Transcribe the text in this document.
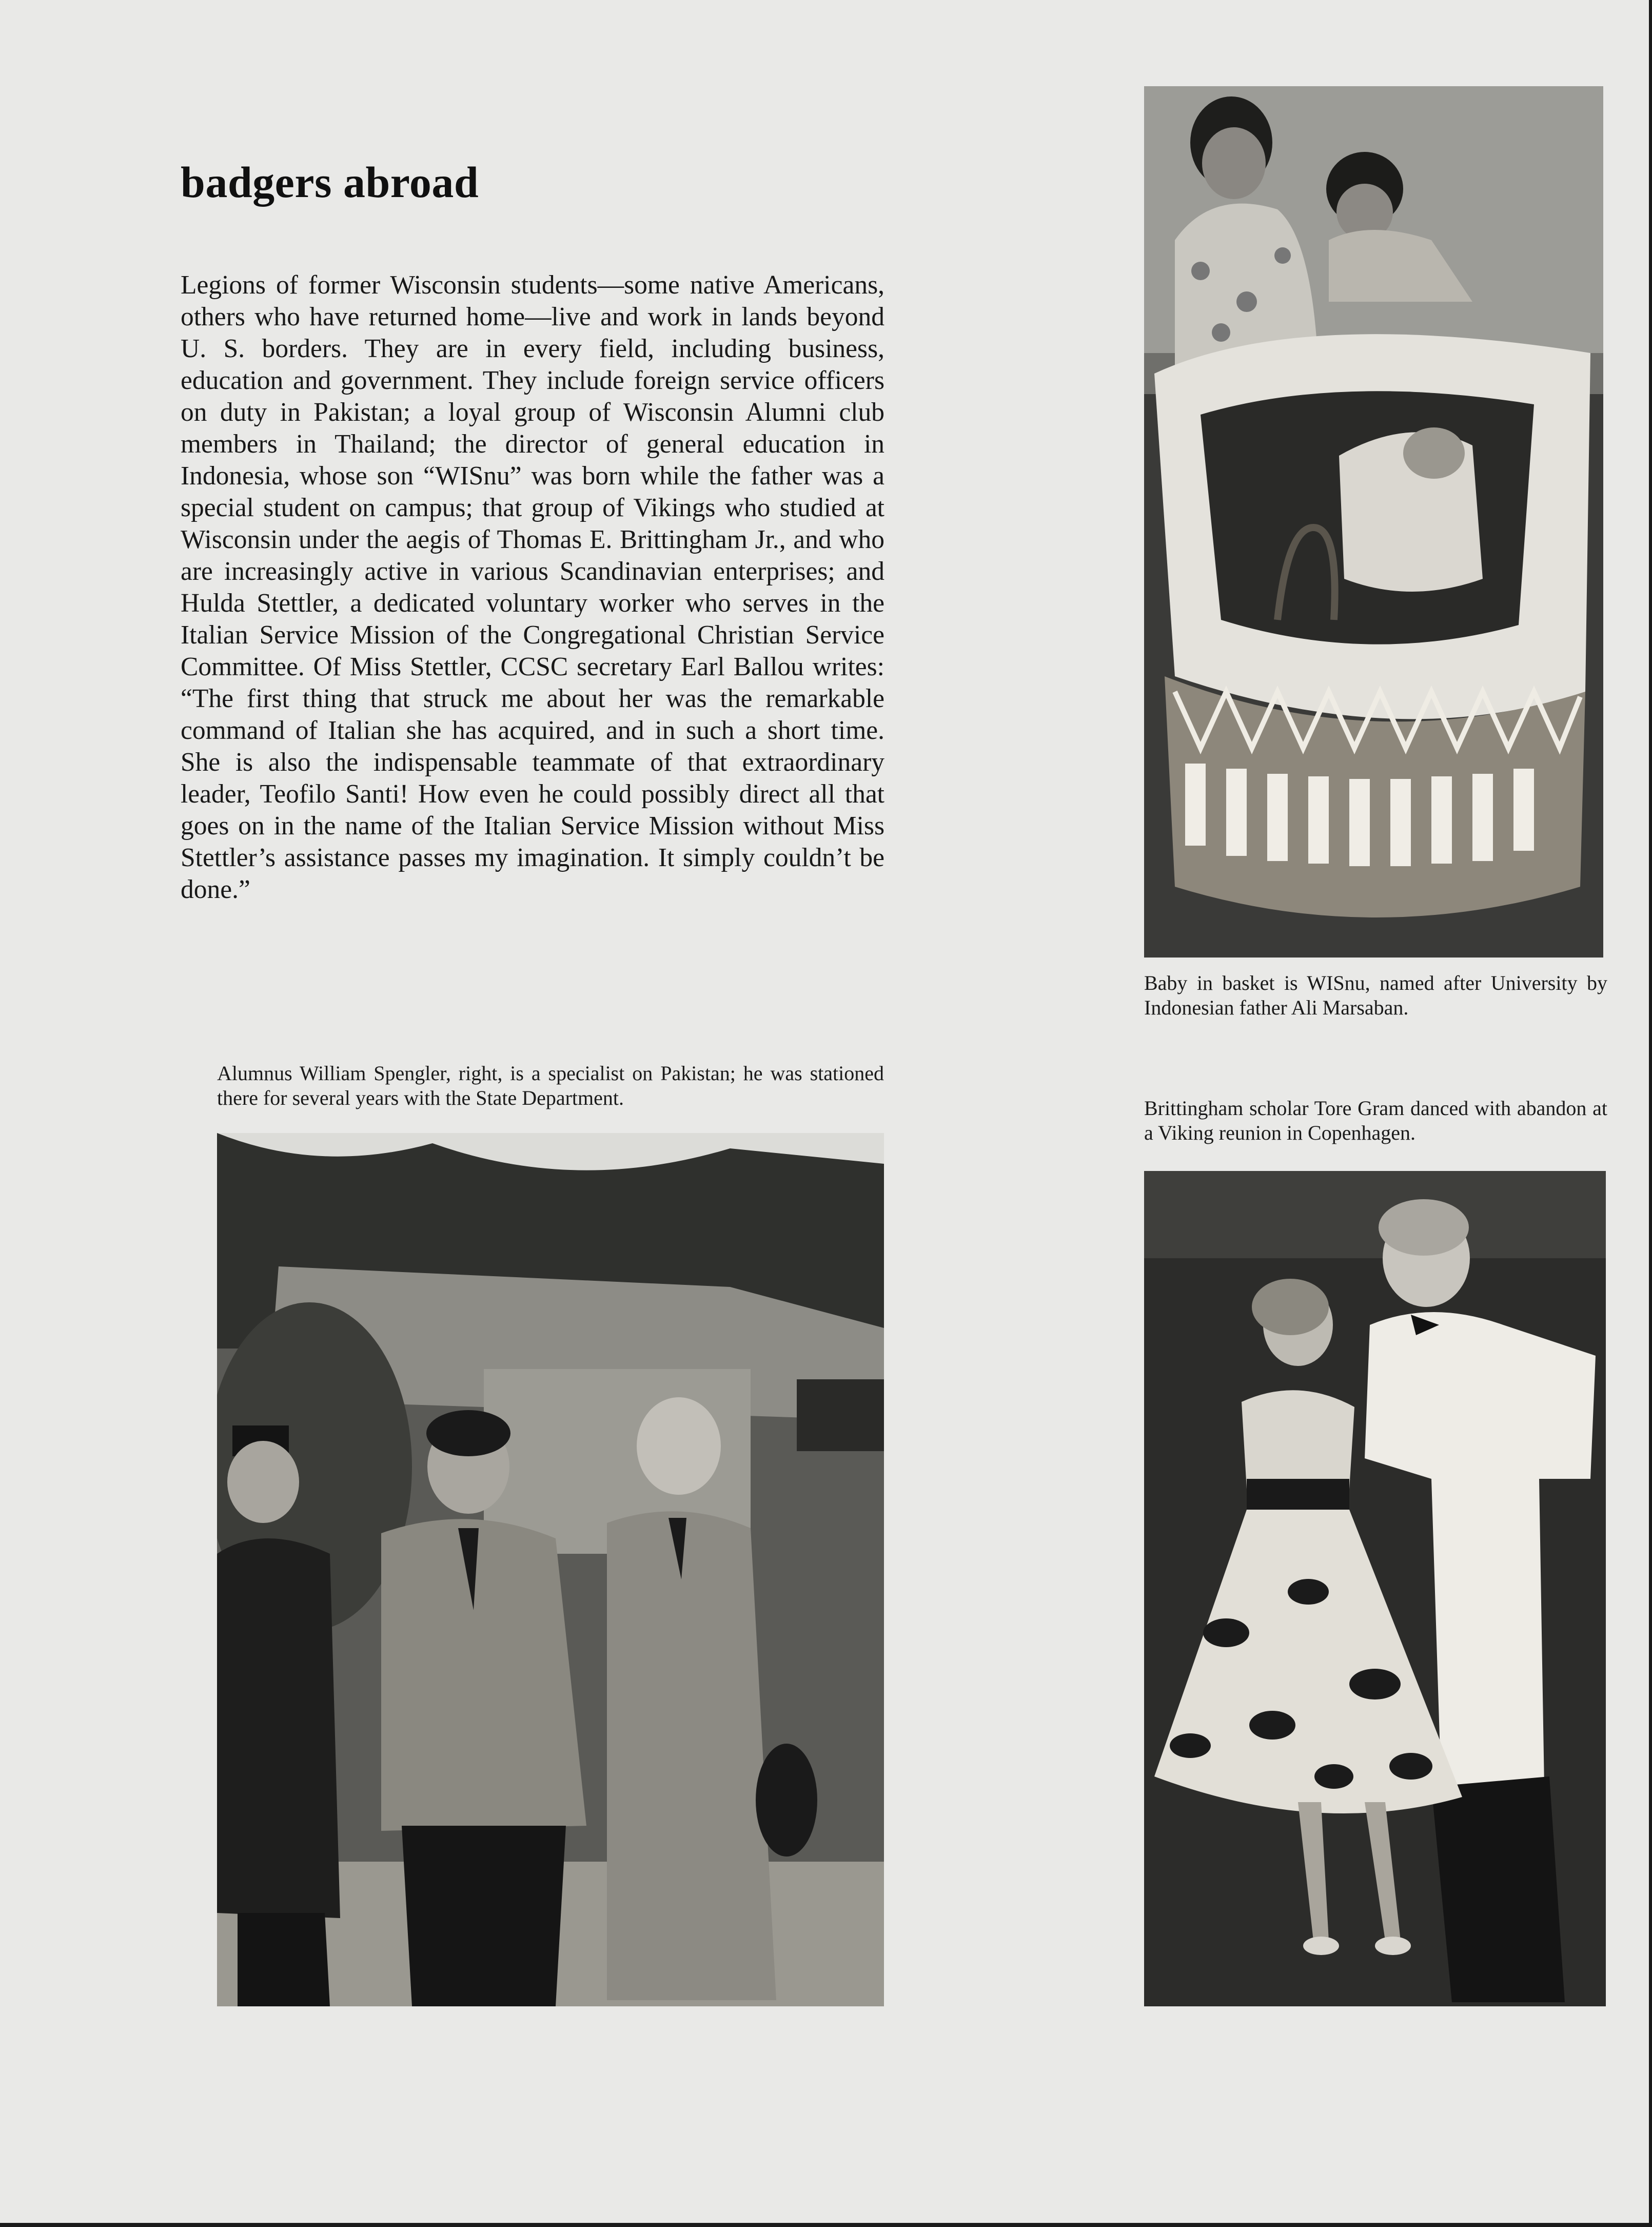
badgers abroad

Legions of former Wisconsin students—some native Americans, others who have returned home—live and work in lands beyond U. S. borders. They are in every field, including business, education and government. They include foreign service officers on duty in Pakistan; a loyal group of Wisconsin Alumni club members in Thailand; the director of general education in Indonesia, whose son “WISnu” was born while the father was a special student on campus; that group of Vikings who studied at Wisconsin under the aegis of Thomas E. Brittingham Jr., and who are increasingly active in various Scandinavian enterprises; and Hulda Stettler, a dedicated voluntary worker who serves in the Italian Service Mission of the Congregational Christian Service Committee. Of Miss Stettler, CCSC secretary Earl Ballou writes: “The first thing that struck me about her was the remarkable command of Italian she has acquired, and in such a short time. She is also the indispensable teammate of that extraordinary leader, Teofilo Santi! How even he could possibly direct all that goes on in the name of the Italian Service Mission without Miss Stettler’s assistance passes my imagination. It simply couldn’t be done.”

Baby in basket is WISnu, named after University by Indonesian father Ali Marsaban.

Brittingham scholar Tore Gram danced with abandon at a Viking reunion in Copenhagen.

Alumnus William Spengler, right, is a specialist on Pakistan; he was stationed there for several years with the State Department.
